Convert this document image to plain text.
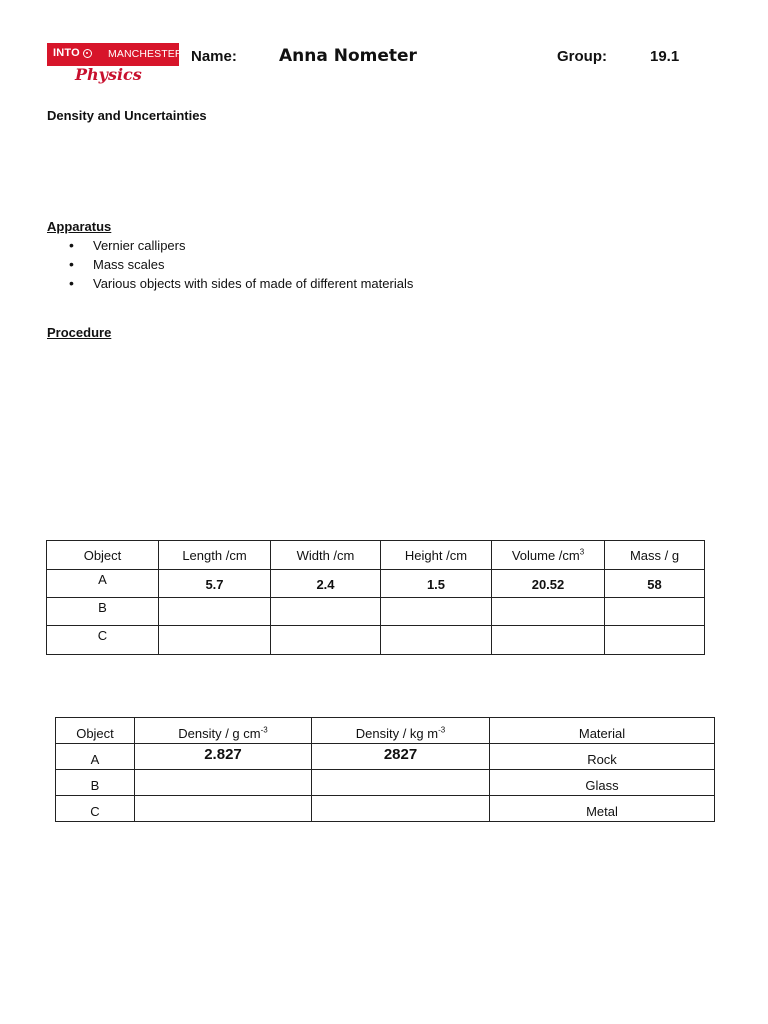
INTO	MANCHESTER
Physics
Name: Anna Nometer	Group:	19.1
Density and Uncertainties
Apparatus
• Vernier callipers
• Mass scales
• Various objects with sides of made of different materials
Procedure
Object	Length /cm	Width /cm	Height /cm	Volume $/cm^3$	Mass / g
A	5.7	2.4	1.5	20.52	58
B					
C					
Object	Density / g $cm^{-3}$	Density / kg $m^{-3}$	Material
A	2.827	2827	Rock
B			Glass
C			Metal
